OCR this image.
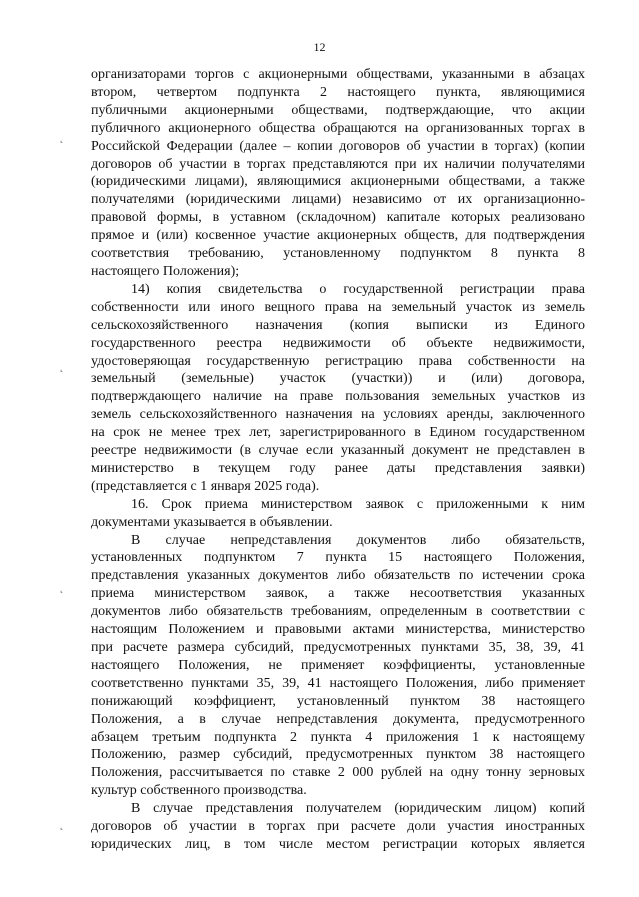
12
˛
˛
˛
˛
организаторами торгов с акционерными обществами, указанными в абзацах
втором, четвертом подпункта 2 настоящего пункта, являющимися
публичными акционерными обществами, подтверждающие, что акции
публичного акционерного общества обращаются на организованных торгах в
Российской Федерации (далее – копии договоров об участии в торгах) (копии
договоров об участии в торгах представляются при их наличии получателями
(юридическими лицами), являющимися акционерными обществами, а также
получателями (юридическими лицами) независимо от их организационно-
правовой формы, в уставном (складочном) капитале которых реализовано
прямое и (или) косвенное участие акционерных обществ, для подтверждения
соответствия требованию, установленному подпунктом 8 пункта 8
настоящего Положения);
14) копия свидетельства о государственной регистрации права
собственности или иного вещного права на земельный участок из земель
сельскохозяйственного назначения (копия выписки из Единого
государственного реестра недвижимости об объекте недвижимости,
удостоверяющая государственную регистрацию права собственности на
земельный (земельные) участок (участки)) и (или) договора,
подтверждающего наличие на праве пользования земельных участков из
земель сельскохозяйственного назначения на условиях аренды, заключенного
на срок не менее трех лет, зарегистрированного в Едином государственном
реестре недвижимости (в случае если указанный документ не представлен в
министерство в текущем году ранее даты представления заявки)
(представляется с 1 января 2025 года).
16. Срок приема министерством заявок с приложенными к ним
документами указывается в объявлении.
В случае непредставления документов либо обязательств,
установленных подпунктом 7 пункта 15 настоящего Положения,
представления указанных документов либо обязательств по истечении срока
приема министерством заявок, а также несоответствия указанных
документов либо обязательств требованиям, определенным в соответствии с
настоящим Положением и правовыми актами министерства, министерство
при расчете размера субсидий, предусмотренных пунктами 35, 38, 39, 41
настоящего Положения, не применяет коэффициенты, установленные
соответственно пунктами 35, 39, 41 настоящего Положения, либо применяет
понижающий коэффициент, установленный пунктом 38 настоящего
Положения, а в случае непредставления документа, предусмотренного
абзацем третьим подпункта 2 пункта 4 приложения 1 к настоящему
Положению, размер субсидий, предусмотренных пунктом 38 настоящего
Положения, рассчитывается по ставке 2 000 рублей на одну тонну зерновых
культур собственного производства.
В случае представления получателем (юридическим лицом) копий
договоров об участии в торгах при расчете доли участия иностранных
юридических лиц, в том числе местом регистрации которых является
